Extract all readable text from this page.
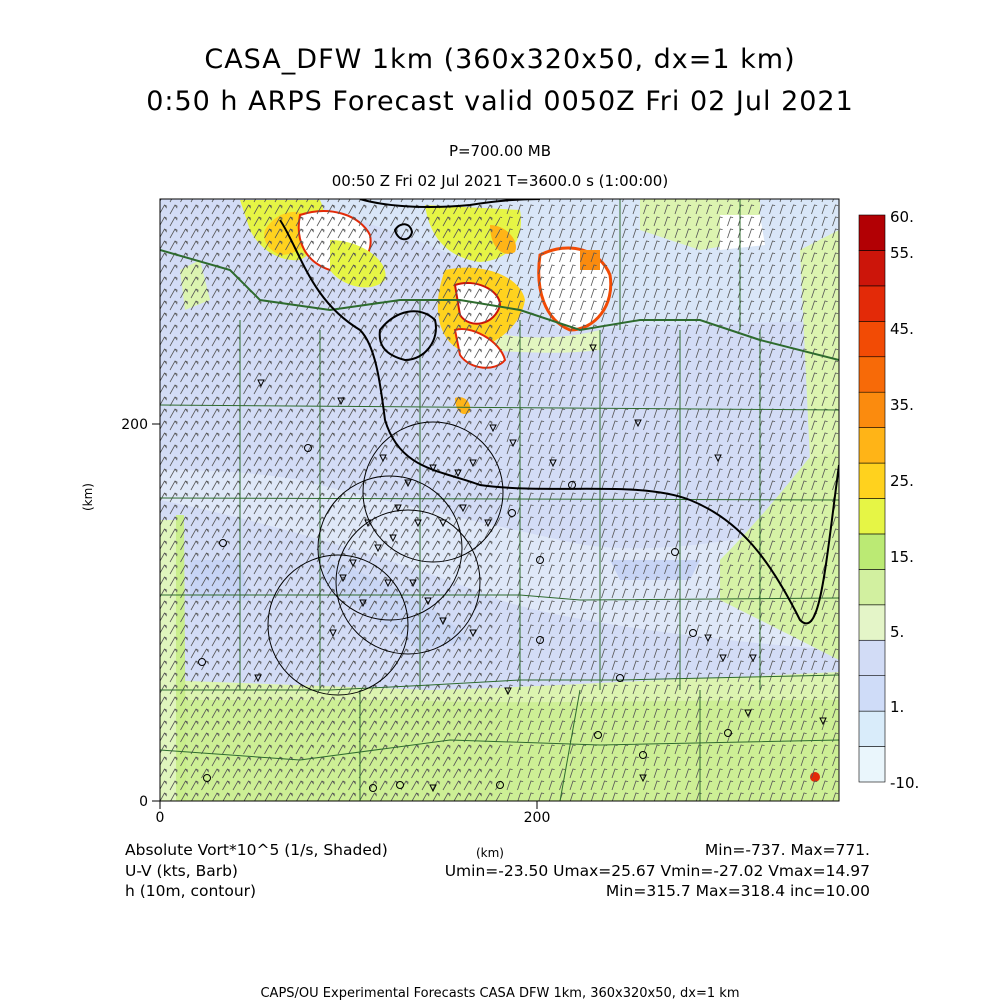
CASA_DFW 1km (360x320x50, dx=1 km)
0:50 h ARPS Forecast valid 0050Z Fri 02 Jul 2021
P=700.00 MB
00:50 Z Fri 02 Jul 2021 T=3600.0 s (1:00:00)
0	200
0
200
(km)
(km)
60.
55.
45.
35.
25.
15.
5.
1.
-10.
Absolute Vort*10^5 (1/s, Shaded)	Min=-737. Max=771.
U-V (kts, Barb)	Umin=-23.50 Umax=25.67 Vmin=-27.02 Vmax=14.97
h (10m, contour)	Min=315.7 Max=318.4 inc=10.00
CAPS/OU Experimental Forecasts CASA DFW 1km, 360x320x50, dx=1 km
